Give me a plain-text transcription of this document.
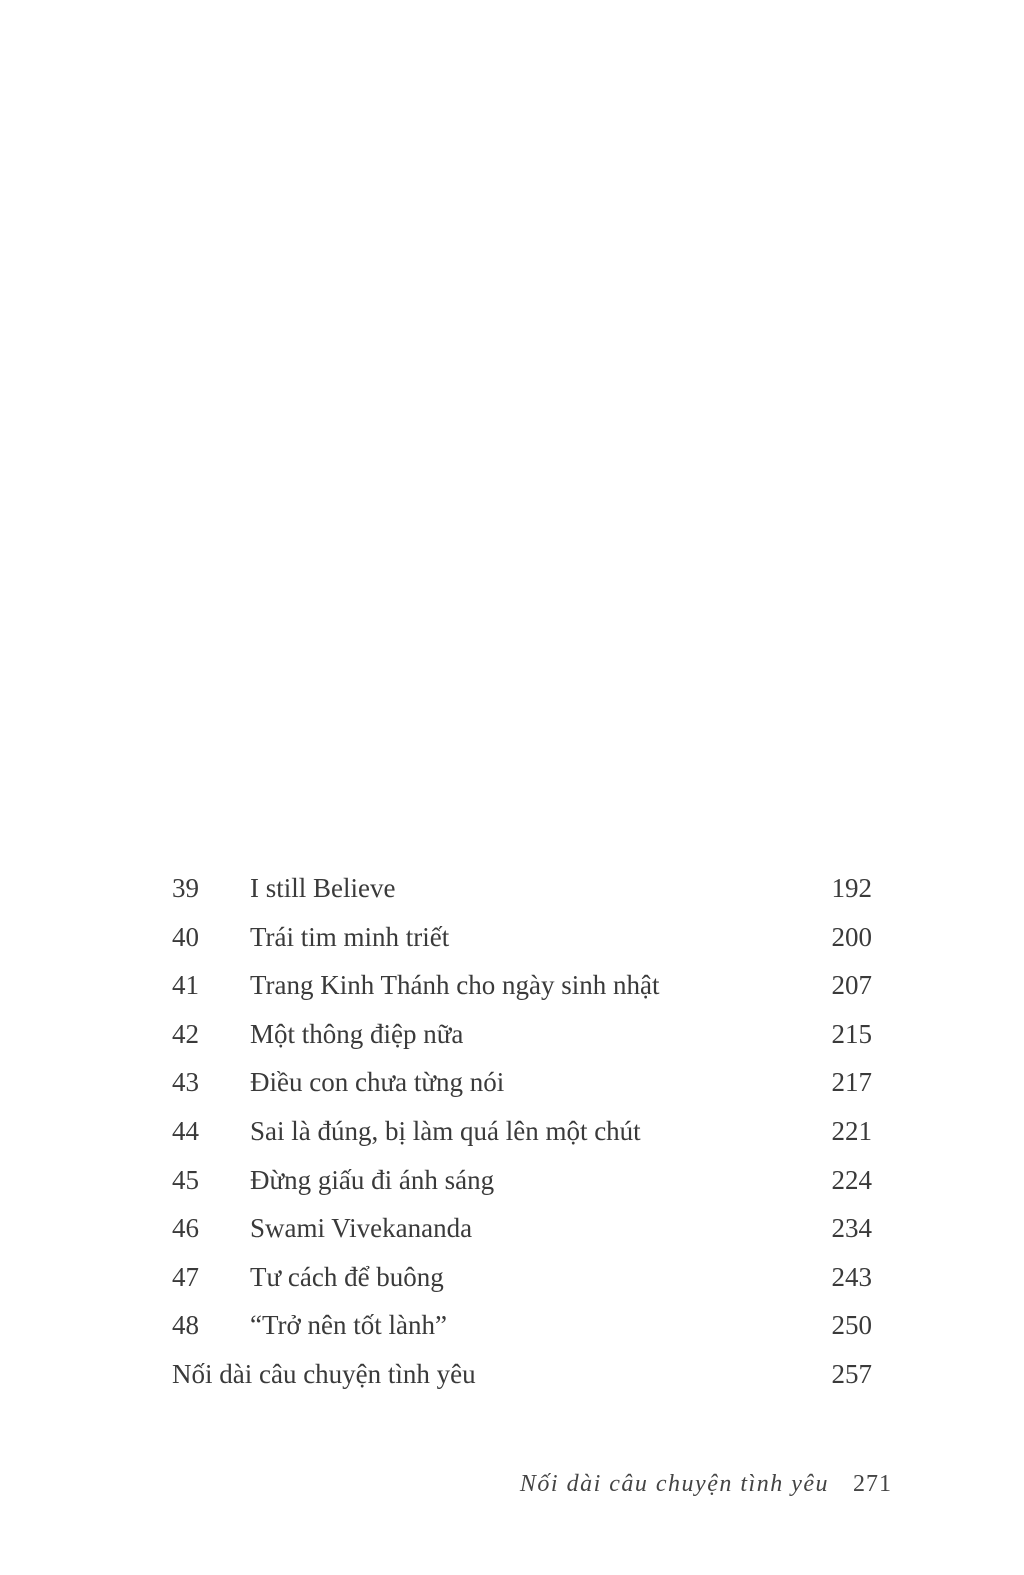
39	I still Believe	192
40	Trái tim minh triết	200
41	Trang Kinh Thánh cho ngày sinh nhật	207
42	Một thông điệp nữa	215
43	Điều con chưa từng nói	217
44	Sai là đúng, bị làm quá lên một chút	221
45	Đừng giấu đi ánh sáng	224
46	Swami Vivekananda	234
47	Tư cách để buông	243
48	“Trở nên tốt lành”	250
Nối dài câu chuyện tình yêu	257
Nối dài câu chuyện tình yêu 271
